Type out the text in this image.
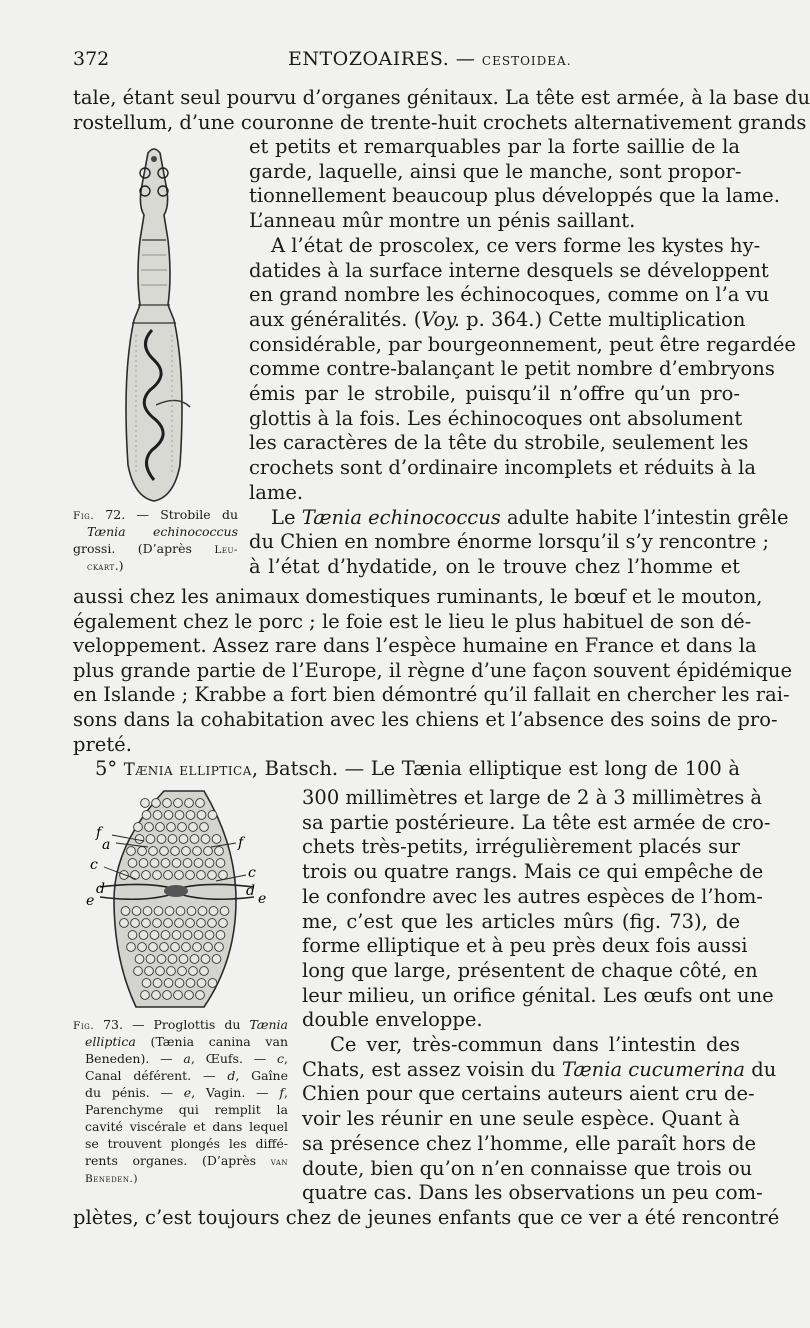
372	ENTOZOAIRES. — CESTOIDEA.
tale, étant seul pourvu d’organes génitaux. La tête est armée, à la base du
rostellum, d’une couronne de trente-huit crochets alternativement grands
et petits et remarquables par la forte saillie de la
garde, laquelle, ainsi que le manche, sont propor-
tionnellement beaucoup plus développés que la lame.
L’anneau mûr montre un pénis saillant.
A l’état de proscolex, ce vers forme les kystes hy-
datides à la surface interne desquels se développent
en grand nombre les échinocoques, comme on l’a vu
aux généralités. (Voy. p. 364.) Cette multiplication
considérable, par bourgeonnement, peut être regardée
comme contre-balançant le petit nombre d’embryons
émis par le strobile, puisqu’il n’offre qu’un pro-
glottis à la fois. Les échinocoques ont absolument
les caractères de la tête du strobile, seulement les
crochets sont d’ordinaire incomplets et réduits à la
lame.
Le Tænia echinococcus adulte habite l’intestin grêle
du Chien en nombre énorme lorsqu’il s’y rencontre ;
à l’état d’hydatide, on le trouve chez l’homme et
aussi chez les animaux domestiques ruminants, le bœuf et le mouton,
également chez le porc ; le foie est le lieu le plus habituel de son dé-
veloppement. Assez rare dans l’espèce humaine en France et dans la
plus grande partie de l’Europe, il règne d’une façon souvent épidémique
en Islande ; Krabbe a fort bien démontré qu’il fallait en chercher les rai-
sons dans la cohabitation avec les chiens et l’absence des soins de pro-
preté.
5° Tænia elliptica, Batsch. — Le Tænia elliptique est long de 100 à
300 millimètres et large de 2 à 3 millimètres à
sa partie postérieure. La tête est armée de cro-
chets très-petits, irrégulièrement placés sur
trois ou quatre rangs. Mais ce qui empêche de
le confondre avec les autres espèces de l’hom-
me, c’est que les articles mûrs (fig. 73), de
forme elliptique et à peu près deux fois aussi
long que large, présentent de chaque côté, en
leur milieu, un orifice génital. Les œufs ont une
double enveloppe.
Ce ver, très-commun dans l’intestin des
Chats, est assez voisin du Tænia cucumerina du
Chien pour que certains auteurs aient cru de-
voir les réunir en une seule espèce. Quant à
sa présence chez l’homme, elle paraît hors de
doute, bien qu’on n’en connaisse que trois ou
quatre cas. Dans les observations un peu com-
plètes, c’est toujours chez de jeunes enfants que ce ver a été rencontré
Fig. 72. — Strobile du
Tænia echinococcus
grossi. (D’après Leu-
ckart.)
f
a
c
d
e
f
c
d e
Fig. 73. — Proglottis du Tænia
elliptica (Tænia canina van
Beneden). — a, Œufs. — c,
Canal déférent. — d, Gaîne
du pénis. — e, Vagin. — f,
Parenchyme qui remplit la
cavité viscérale et dans lequel
se trouvent plongés les diffé-
rents organes. (D’après van
Beneden.)
